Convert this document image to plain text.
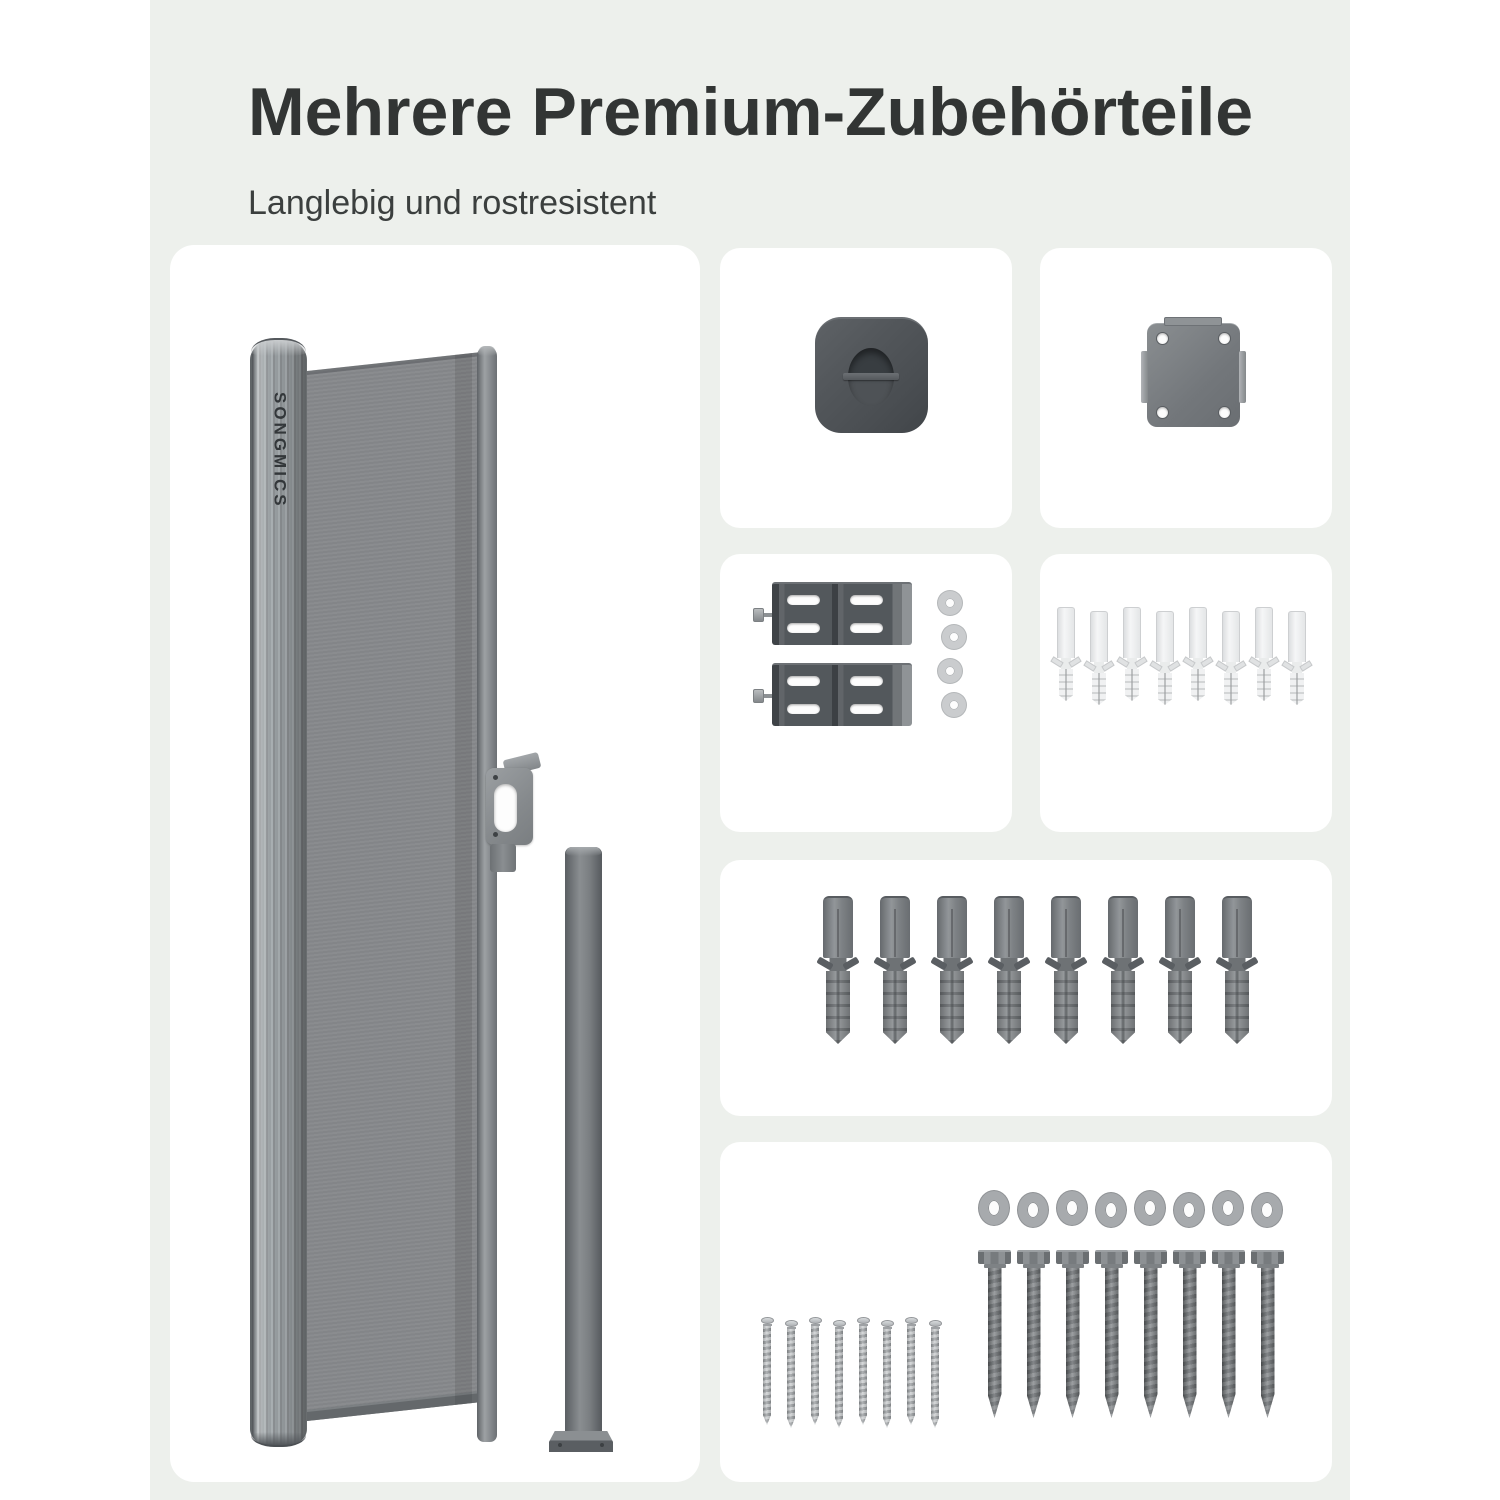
Mehrere Premium-Zubehörteile
Langlebig und rostresistent
SONGMICS
